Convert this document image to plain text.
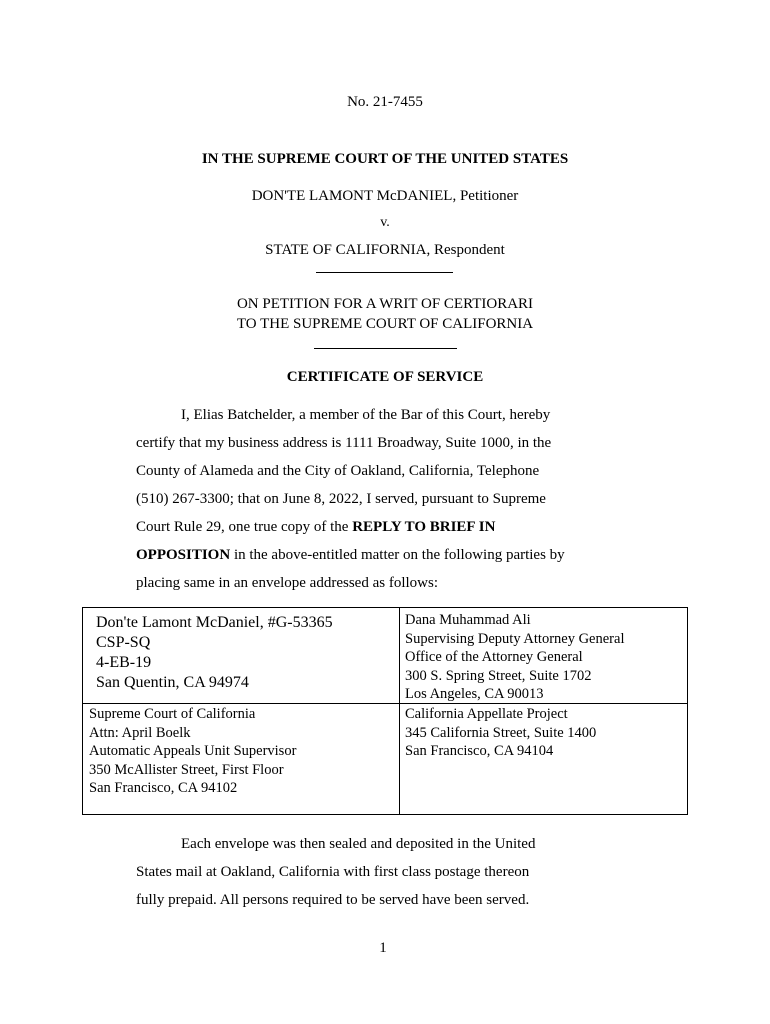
No. 21-7455
IN THE SUPREME COURT OF THE UNITED STATES
DON'TE LAMONT McDANIEL, Petitioner
v.
STATE OF CALIFORNIA, Respondent
ON PETITION FOR A WRIT OF CERTIORARI
TO THE SUPREME COURT OF CALIFORNIA
CERTIFICATE OF SERVICE
I, Elias Batchelder, a member of the Bar of this Court, hereby
certify that my business address is 1111 Broadway, Suite 1000, in the
County of Alameda and the City of Oakland, California, Telephone
(510) 267-3300; that on June 8, 2022, I served, pursuant to Supreme
Court Rule 29, one true copy of the REPLY TO BRIEF IN
OPPOSITION in the above-entitled matter on the following parties by
placing same in an envelope addressed as follows:
Don'te Lamont McDaniel, #G-53365
CSP-SQ
4-EB-19
San Quentin, CA 94974
Dana Muhammad Ali
Supervising Deputy Attorney General
Office of the Attorney General
300 S. Spring Street, Suite 1702
Los Angeles, CA 90013
Supreme Court of California
Attn: April Boelk
Automatic Appeals Unit Supervisor
350 McAllister Street, First Floor
San Francisco, CA 94102
California Appellate Project
345 California Street, Suite 1400
San Francisco, CA 94104
Each envelope was then sealed and deposited in the United
States mail at Oakland, California with first class postage thereon
fully prepaid. All persons required to be served have been served.
1
